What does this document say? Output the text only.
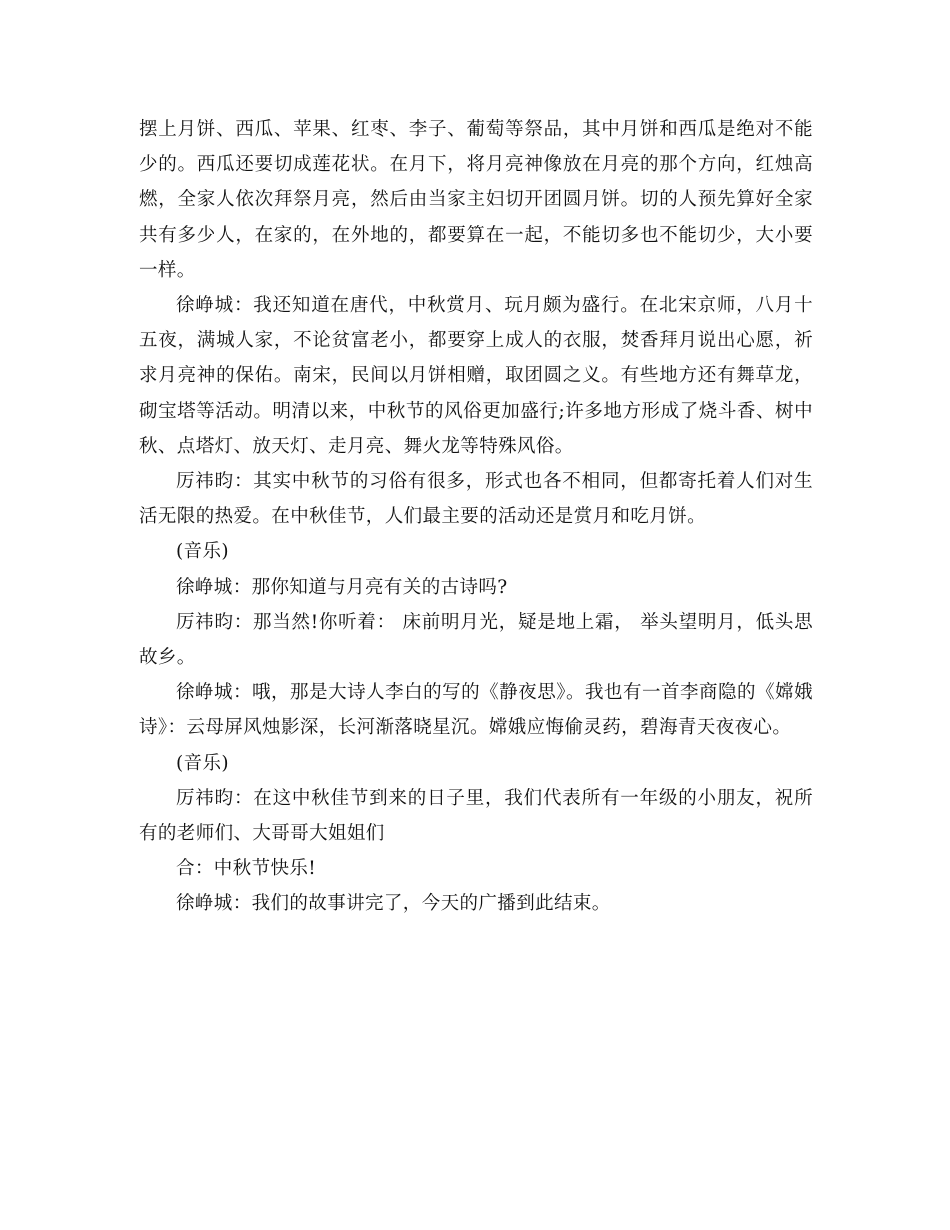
摆上月饼、西瓜、苹果、红枣、李子、葡萄等祭品，其中月饼和西瓜是绝对不能少的。西瓜还要切成莲花状。在月下，将月亮神像放在月亮的那个方向，红烛高燃，全家人依次拜祭月亮，然后由当家主妇切开团圆月饼。切的人预先算好全家共有多少人，在家的，在外地的，都要算在一起，不能切多也不能切少，大小要一样。

徐峥城：我还知道在唐代，中秋赏月、玩月颇为盛行。在北宋京师，八月十五夜，满城人家，不论贫富老小，都要穿上成人的衣服，焚香拜月说出心愿，祈求月亮神的保佑。南宋，民间以月饼相赠，取团圆之义。有些地方还有舞草龙，砌宝塔等活动。明清以来，中秋节的风俗更加盛行;许多地方形成了烧斗香、树中秋、点塔灯、放天灯、走月亮、舞火龙等特殊风俗。

厉祎昀：其实中秋节的习俗有很多，形式也各不相同，但都寄托着人们对生活无限的热爱。在中秋佳节，人们最主要的活动还是赏月和吃月饼。

(音乐)

徐峥城：那你知道与月亮有关的古诗吗?

厉祎昀：那当然!你听着： 床前明月光，疑是地上霜， 举头望明月，低头思故乡。

徐峥城：哦，那是大诗人李白的写的《静夜思》。我也有一首李商隐的《嫦娥诗》：云母屏风烛影深，长河渐落晓星沉。嫦娥应悔偷灵药，碧海青天夜夜心。

(音乐)

厉祎昀：在这中秋佳节到来的日子里，我们代表所有一年级的小朋友，祝所有的老师们、大哥哥大姐姐们

合：中秋节快乐!

徐峥城：我们的故事讲完了，今天的广播到此结束。
